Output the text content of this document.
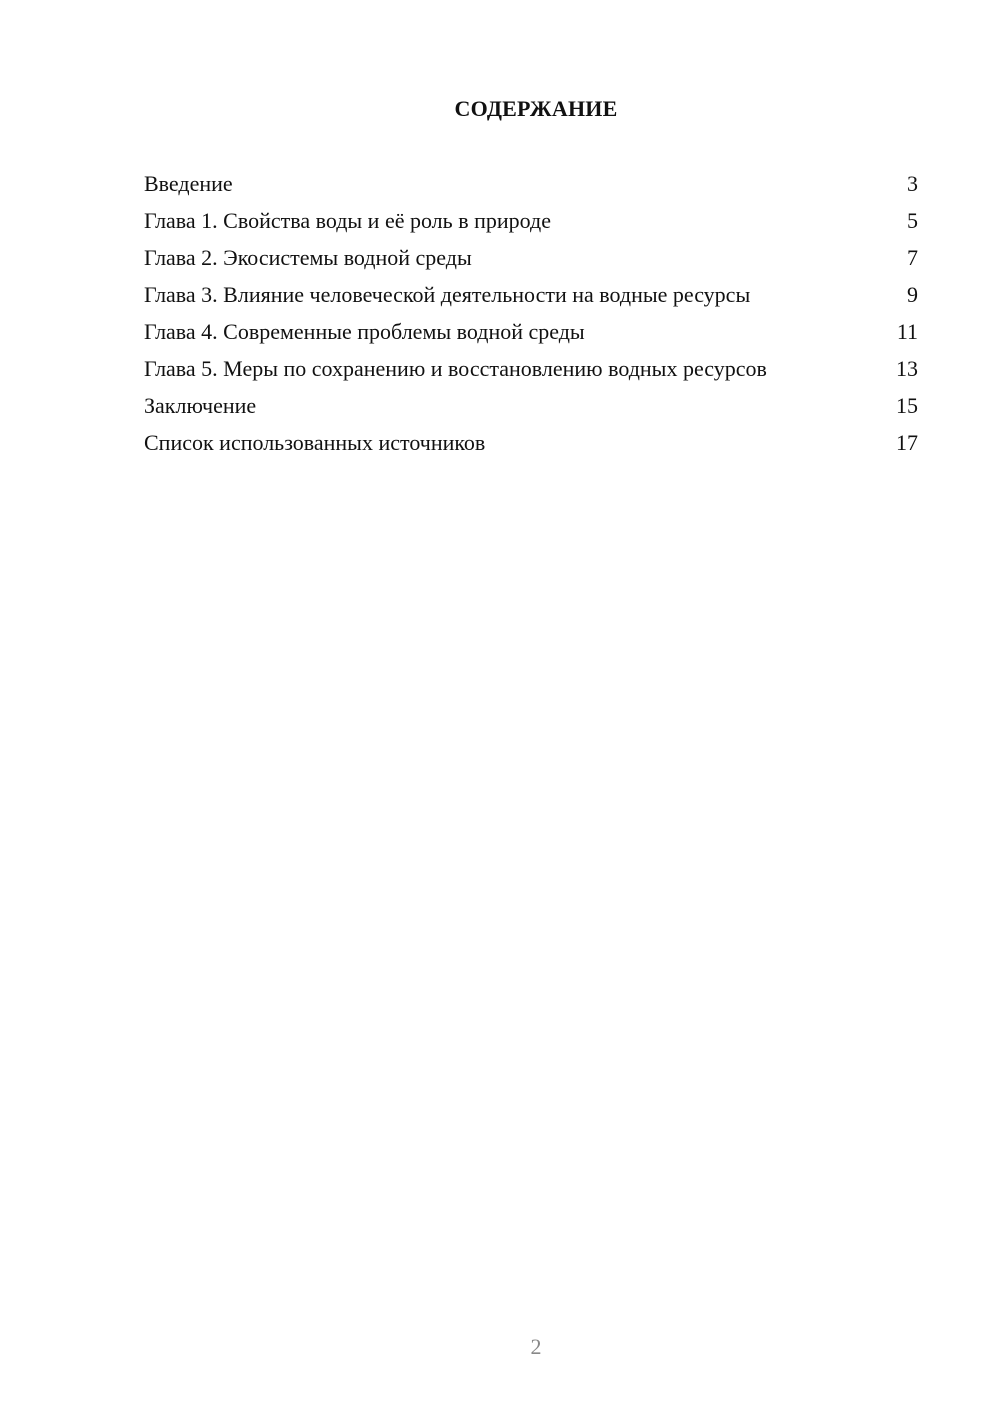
СОДЕРЖАНИЕ
Введение	3
Глава 1. Свойства воды и её роль в природе	5
Глава 2. Экосистемы водной среды	7
Глава 3. Влияние человеческой деятельности на водные ресурсы	9
Глава 4. Современные проблемы водной среды	11
Глава 5. Меры по сохранению и восстановлению водных ресурсов	13
Заключение	15
Список использованных источников	17
2
